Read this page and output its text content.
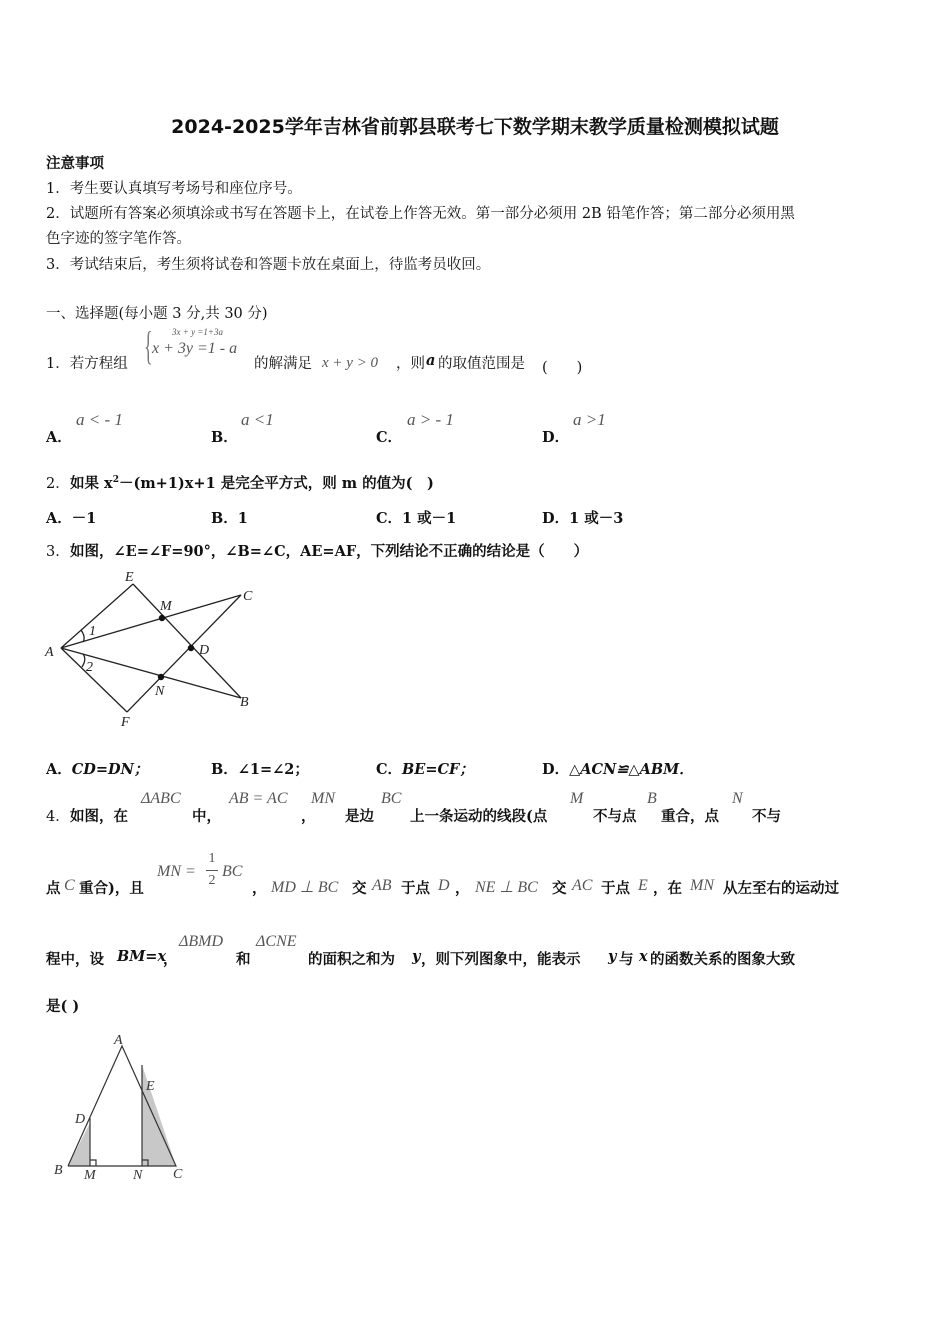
2024-2025学年吉林省前郭县联考七下数学期末教学质量检测模拟试题
注意事项
1．考生要认真填写考场号和座位序号。
2．试题所有答案必须填涂或书写在答题卡上，在试卷上作答无效。第一部分必须用 2B 铅笔作答；第二部分必须用黑
色字迹的签字笔作答。
3．考试结束后，考生须将试卷和答题卡放在桌面上，待监考员收回。
一、选择题(每小题 3 分,共 30 分)
1．若方程组 { 3x + y =1+3a
x + 3y =1 - a
的解满足 x + y > 0 ，则 a 的取值范围是 (　　)
A．
a < - 1
B．
a <1
C．
a > - 1
D．
a >1
2． 如果 $x^2-(m+1)x+1$ 是完全平方式，则 m 的值为(　)
A．－1	B．1	C．1 或－1	D．1 或－3
3． 如图，∠E=∠F=90°，∠B=∠C，AE=AF，下列结论不正确的结论是（　　）
A
E
M
C
D
N
B
F
1
2
A．CD=DN；	B．∠1=∠2；	C．BE=CF；	D．△ACN≌△ABM．
4． 如图，在
ΔABC
中，
AB = AC
，
MN
是边
BC
上一条运动的线段(点
M
不与点
B
重合，点
N
不与
点 C 重合)，且
MN =
1
2
BC
， MD ⊥ BC 交 AB 于点 D ， NE ⊥ BC 交 AC 于点 E ，在 MN 从左至右的运动过
程中，设 BM=x
，
ΔBMD
和
ΔCNE
的面积之和为 y ，则下列图象中，能表示 y 与 x 的函数关系的图象大致
是( )
A
E
D
B M	N C
